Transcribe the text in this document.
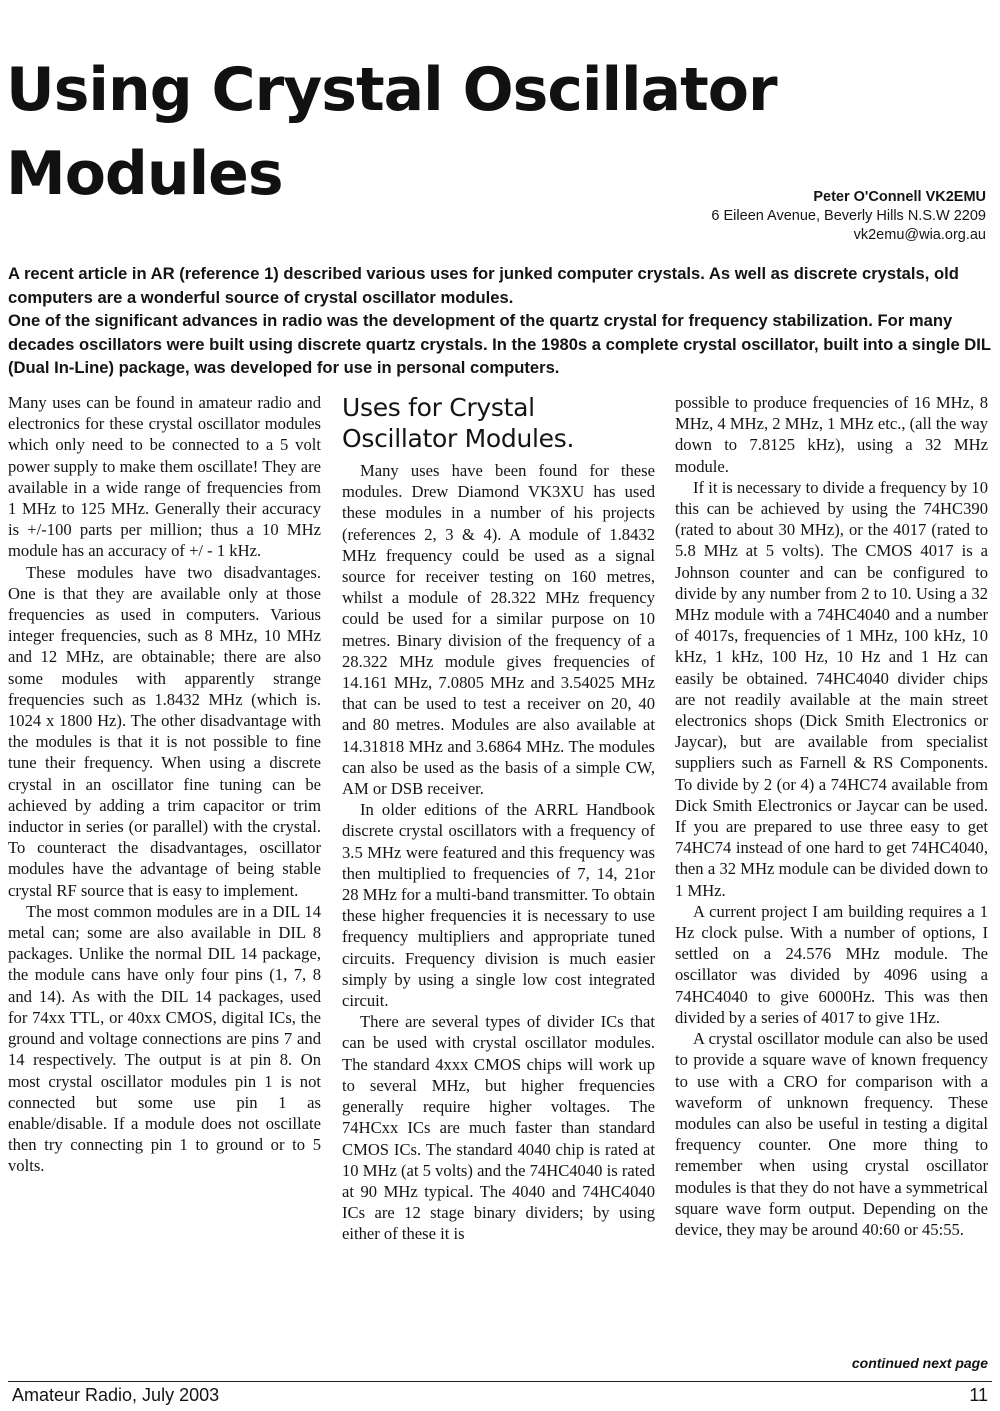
Using Crystal Oscillator
Modules	Peter O'Connell VK2EMU
6 Eileen Avenue, Beverly Hills N.S.W 2209
vk2emu@wia.org.au

A recent article in AR (reference 1) described various uses for junked computer crystals. As well as discrete crystals, old computers are a wonderful source of crystal oscillator modules.

One of the significant advances in radio was the development of the quartz crystal for frequency stabilization. For many decades oscillators were built using discrete quartz crystals. In the 1980s a complete crystal oscillator, built into a single DIL (Dual In-Line) package, was developed for use in personal computers.

Many uses can be found in amateur radio and electronics for these crystal oscillator modules which only need to be connected to a 5 volt power supply to make them oscillate! They are available in a wide range of frequencies from 1 MHz to 125 MHz. Generally their accuracy is +/-100 parts per million; thus a 10 MHz module has an accuracy of +/ - 1 kHz.

These modules have two disadvantages. One is that they are available only at those frequencies as used in computers. Various integer frequencies, such as 8 MHz, 10 MHz and 12 MHz, are obtainable; there are also some modules with apparently strange frequencies such as 1.8432 MHz (which is. 1024 x 1800 Hz). The other disadvantage with the modules is that it is not possible to fine tune their frequency. When using a discrete crystal in an oscillator fine tuning can be achieved by adding a trim capacitor or trim inductor in series (or parallel) with the crystal. To counteract the disadvantages, oscillator modules have the advantage of being stable crystal RF source that is easy to implement.

The most common modules are in a DIL 14 metal can; some are also available in DIL 8 packages. Unlike the normal DIL 14 package, the module cans have only four pins (1, 7, 8 and 14). As with the DIL 14 packages, used for 74xx TTL, or 40xx CMOS, digital ICs, the ground and voltage connections are pins 7 and 14 respectively. The output is at pin 8. On most crystal oscillator modules pin 1 is not connected but some use pin 1 as enable/disable. If a module does not oscillate then try connecting pin 1 to ground or to 5 volts.

Uses for Crystal Oscillator Modules.

Many uses have been found for these modules. Drew Diamond VK3XU has used these modules in a number of his projects (references 2, 3 & 4). A module of 1.8432 MHz frequency could be used as a signal source for receiver testing on 160 metres, whilst a module of 28.322 MHz frequency could be used for a similar purpose on 10 metres. Binary division of the frequency of a 28.322 MHz module gives frequencies of 14.161 MHz, 7.0805 MHz and 3.54025 MHz that can be used to test a receiver on 20, 40 and 80 metres. Modules are also available at 14.31818 MHz and 3.6864 MHz. The modules can also be used as the basis of a simple CW, AM or DSB receiver.

In older editions of the ARRL Handbook discrete crystal oscillators with a frequency of 3.5 MHz were featured and this frequency was then multiplied to frequencies of 7, 14, 21or 28 MHz for a multi-band transmitter. To obtain these higher frequencies it is necessary to use frequency multipliers and appropriate tuned circuits. Frequency division is much easier simply by using a single low cost integrated circuit.

There are several types of divider ICs that can be used with crystal oscillator modules. The standard 4xxx CMOS chips will work up to several MHz, but higher frequencies generally require higher voltages. The 74HCxx ICs are much faster than standard CMOS ICs. The standard 4040 chip is rated at 10 MHz (at 5 volts) and the 74HC4040 is rated at 90 MHz typical. The 4040 and 74HC4040 ICs are 12 stage binary dividers; by using either of these it is

possible to produce frequencies of 16 MHz, 8 MHz, 4 MHz, 2 MHz, 1 MHz etc., (all the way down to 7.8125 kHz), using a 32 MHz module.

If it is necessary to divide a frequency by 10 this can be achieved by using the 74HC390 (rated to about 30 MHz), or the 4017 (rated to 5.8 MHz at 5 volts). The CMOS 4017 is a Johnson counter and can be configured to divide by any number from 2 to 10. Using a 32 MHz module with a 74HC4040 and a number of 4017s, frequencies of 1 MHz, 100 kHz, 10 kHz, 1 kHz, 100 Hz, 10 Hz and 1 Hz can easily be obtained. 74HC4040 divider chips are not readily available at the main street electronics shops (Dick Smith Electronics or Jaycar), but are available from specialist suppliers such as Farnell & RS Components. To divide by 2 (or 4) a 74HC74 available from Dick Smith Electronics or Jaycar can be used. If you are prepared to use three easy to get 74HC74 instead of one hard to get 74HC4040, then a 32 MHz module can be divided down to 1 MHz.

A current project I am building requires a 1 Hz clock pulse. With a number of options, I settled on a 24.576 MHz module. The oscillator was divided by 4096 using a 74HC4040 to give 6000Hz. This was then divided by a series of 4017 to give 1Hz.

A crystal oscillator module can also be used to provide a square wave of known frequency to use with a CRO for comparison with a waveform of unknown frequency. These modules can also be useful in testing a digital frequency counter. One more thing to remember when using crystal oscillator modules is that they do not have a symmetrical square wave form output. Depending on the device, they may be around 40:60 or 45:55.

continued next page
Amateur Radio, July 2003	11
